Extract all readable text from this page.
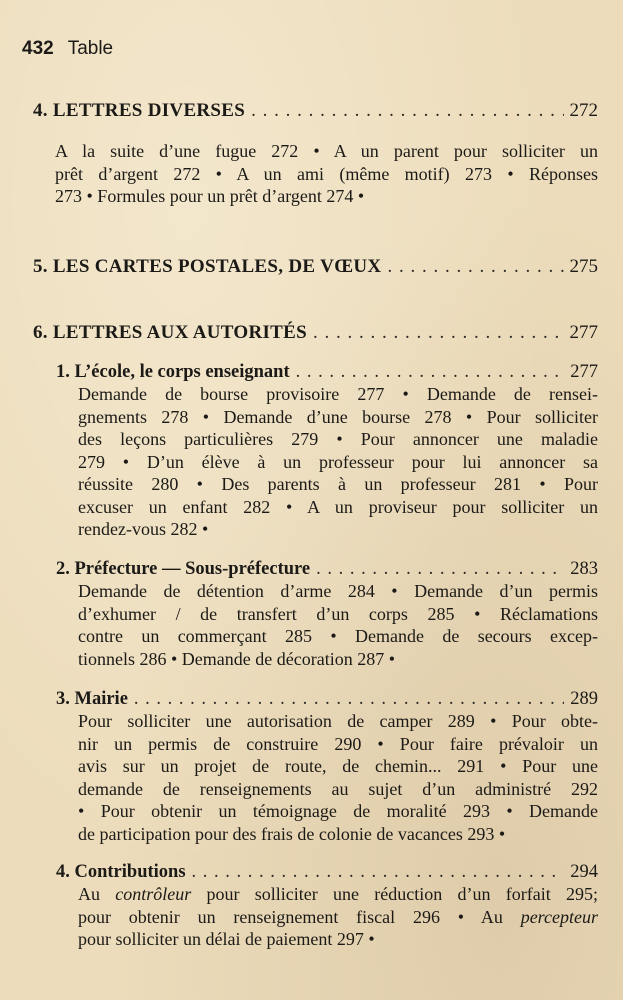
432 Table
4. LETTRES DIVERSES . . .	272
A la suite d’une fugue 272 • A un parent pour solliciter un
prêt d’argent 272 • A un ami (même motif) 273 • Réponses
273 • Formules pour un prêt d’argent 274 •
5. LES CARTES POSTALES, DE VŒUX . . .	275
6. LETTRES AUX AUTORITÉS . . .	277
1. L’école, le corps enseignant . . .	277
Demande de bourse provisoire 277 • Demande de rensei-
gnements 278 • Demande d’une bourse 278 • Pour solliciter
des leçons particulières 279 • Pour annoncer une maladie
279 • D’un élève à un professeur pour lui annoncer sa
réussite 280 • Des parents à un professeur 281 • Pour
excuser un enfant 282 • A un proviseur pour solliciter un
rendez-vous 282 •
2. Préfecture — Sous-préfecture . . .	283
Demande de détention d’arme 284 • Demande d’un permis
d’exhumer / de transfert d’un corps 285 • Réclamations
contre un commerçant 285 • Demande de secours excep-
tionnels 286 • Demande de décoration 287 •
3. Mairie . . .	289
Pour solliciter une autorisation de camper 289 • Pour obte-
nir un permis de construire 290 • Pour faire prévaloir un
avis sur un projet de route, de chemin... 291 • Pour une
demande de renseignements au sujet d’un administré 292
• Pour obtenir un témoignage de moralité 293 • Demande
de participation pour des frais de colonie de vacances 293 •
4. Contributions . . .	294
Au contrôleur pour solliciter une réduction d’un forfait 295;
pour obtenir un renseignement fiscal 296 • Au percepteur
pour solliciter un délai de paiement 297 •
